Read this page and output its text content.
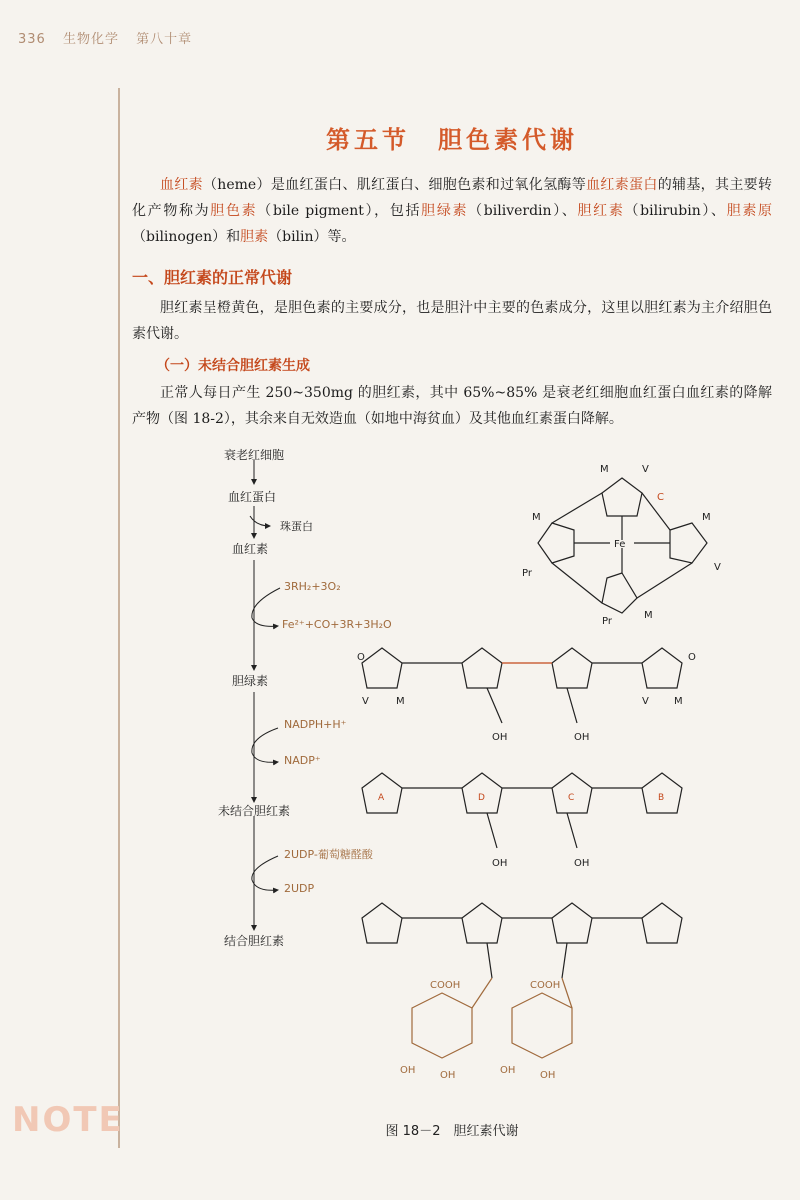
336 生物化学 第八十章
NOTE
第五节　胆色素代谢

血红素（heme）是血红蛋白、肌红蛋白、细胞色素和过氧化氢酶等血红素蛋白的辅基，其主要转化产物称为胆色素（bile pigment），包括胆绿素（biliverdin）、胆红素（bilirubin）、胆素原（bilinogen）和胆素（bilin）等。

一、胆红素的正常代谢

胆红素呈橙黄色，是胆色素的主要成分，也是胆汁中主要的色素成分，这里以胆红素为主介绍胆色素代谢。

（一）未结合胆红素生成

正常人每日产生 250~350mg 的胆红素，其中 65%~85% 是衰老红细胞血红蛋白血红素的降解产物（图 18-2），其余来自无效造血（如地中海贫血）及其他血红素蛋白降解。

衰老红细胞
血红蛋白
珠蛋白
血红素
3RH₂+3O₂
Fe²⁺+CO+3R+3H₂O
胆绿素
NADPH+H⁺
NADP⁺
未结合胆红素
2UDP-葡萄糖醛酸
2UDP
结合胆红素
Fe
M	V
M
V
M
Pr
Pr
M
C
O	O
V	M	V	M
OH	OH
A	D	C	B
OH	OH
COOH	COOH
OH OH	OH OH
图 18－2　胆红素代谢
